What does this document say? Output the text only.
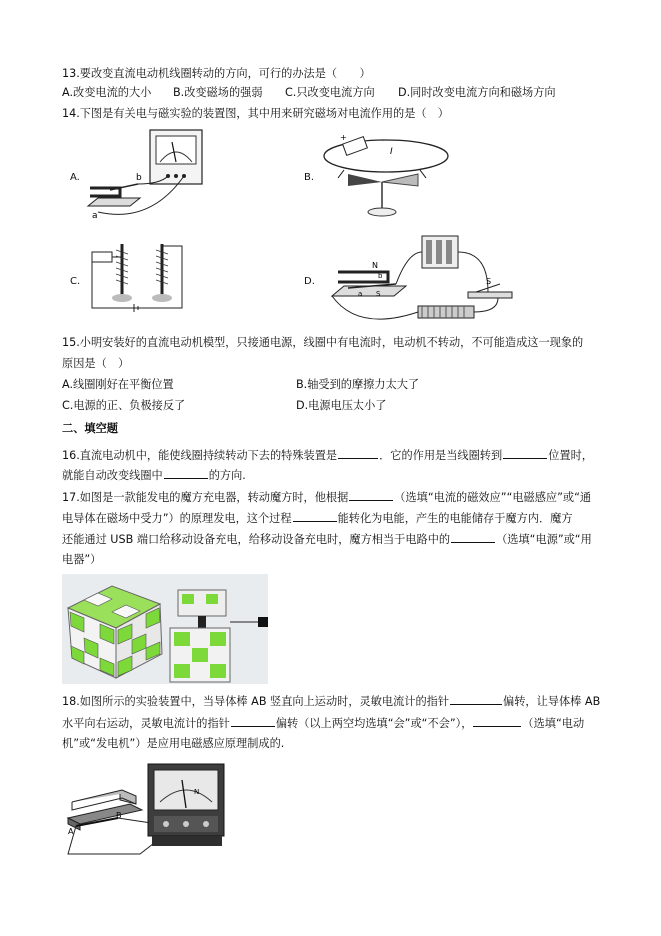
13.要改变直流电动机线圈转动的方向，可行的办法是（　　）
A.改变电流的大小 B.改变磁场的强弱 C.只改变电流方向 D.同时改变电流方向和磁场方向
14.下图是有关电与磁实验的装置图，其中用来研究磁场对电流作用的是（　）
A.	b
a
B.
+
I
C.	D.
N
b
a S
S
15.小明安装好的直流电动机模型，只接通电源，线圈中有电流时，电动机不转动，不可能造成这一现象的
原因是（　）
A.线圈刚好在平衡位置	B.轴受到的摩擦力太大了
C.电源的正、负极接反了	D.电源电压太小了
二、填空题
16.直流电动机中，能使线圈持续转动下去的特殊装置是	．它的作用是当线圈转到	位置时，
就能自动改变线圈中	的方向.
17.如图是一款能发电的魔方充电器，转动魔方时，他根据	（选填“电流的磁效应”“电磁感应”或“通
电导体在磁场中受力”）的原理发电，这个过程	能转化为电能，产生的电能储存于魔方内．魔方
还能通过 USB 端口给移动设备充电，给移动设备充电时，魔方相当于电路中的	（选填“电源”或“用
电器”）
18.如图所示的实验装置中，当导体棒 AB 竖直向上运动时，灵敏电流计的指针	偏转，让导体棒 AB
水平向右运动，灵敏电流计的指针	偏转（以上两空均选填“会”或“不会”），	（选填“电动
机”或“发电机”）是应用电磁感应原理制成的.
A
B
N
